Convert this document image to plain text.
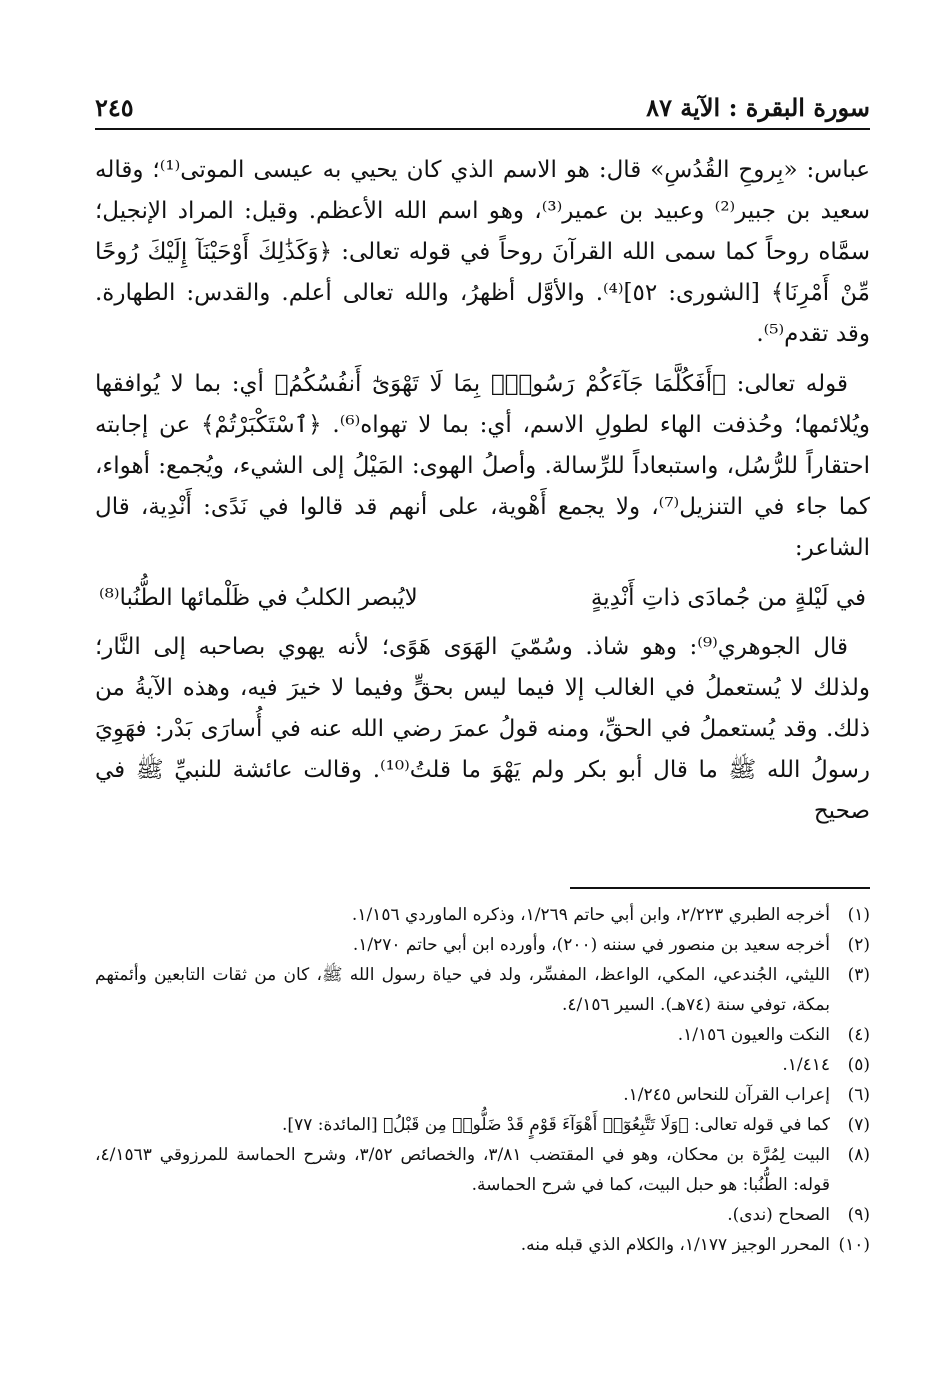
سورة البقرة : الآية ٨٧
٢٤٥

عباس: «بِروحِ القُدُسِ» قال: هو الاسم الذي كان يحيي به عيسى الموتى⁽¹⁾؛ وقاله سعيد بن جبير⁽²⁾ وعبيد بن عمير⁽³⁾، وهو اسم الله الأعظم. وقيل: المراد الإنجيل؛ سمَّاه روحاً كما سمى الله القرآنَ روحاً في قوله تعالى: ﴿وَكَذَٰلِكَ أَوْحَيْنَآ إِلَيْكَ رُوحًا مِّنْ أَمْرِنَا﴾ [الشورى: ٥٢]⁽⁴⁾. والأوَّل أظهرُ، والله تعالى أعلم. والقدس: الطهارة. وقد تقدم⁽⁵⁾.

قوله تعالى: ﴿أَفَكُلَّمَا جَآءَكُمْ رَسُولٌۢ بِمَا لَا تَهْوَىٰٓ أَنفُسُكُمُ﴾ أي: بما لا يُوافقها ويُلائمها؛ وحُذفت الهاء لطولِ الاسم، أي: بما لا تهواه⁽⁶⁾. ﴿ٱسْتَكْبَرْتُمْ﴾ عن إجابته احتقاراً للرُّسُل، واستبعاداً للرِّسالة. وأصلُ الهوى: المَيْلُ إلى الشيء، ويُجمع: أهواء، كما جاء في التنزيل⁽⁷⁾، ولا يجمع أَهْوية، على أنهم قد قالوا في نَدًى: أَنْدِية، قال الشاعر:

في لَيْلةٍ من جُمادَى ذاتِ أَنْدِيةٍ
لايُبصر الكلبُ في ظَلْمائها الطُّنُبا⁽⁸⁾

قال الجوهري⁽⁹⁾: وهو شاذ. وسُمّيَ الهَوَى هَوًى؛ لأنه يهوي بصاحبه إلى النَّار؛ ولذلك لا يُستعملُ في الغالب إلا فيما ليس بحقٍّ وفيما لا خيرَ فيه، وهذه الآيةُ من ذلك. وقد يُستعملُ في الحقِّ، ومنه قولُ عمرَ رضي الله عنه في أُسارَى بَدْر: فهَوِيَ رسولُ الله ﷺ ما قال أبو بكر ولم يَهْوَ ما قلتُ⁽¹⁰⁾. وقالت عائشة للنبيِّ ﷺ في صحيح

(١)
أخرجه الطبري ٢/٢٢٣، وابن أبي حاتم ١/٢٦٩، وذكره الماوردي ١/١٥٦.
(٢)
أخرجه سعيد بن منصور في سننه (٢٠٠)، وأورده ابن أبي حاتم ١/٢٧٠.
(٣)
الليثي، الجُندعي، المكي، الواعظ، المفسِّر، ولد في حياة رسول الله ﷺ، كان من ثقات التابعين وأئمتهم بمكة، توفي سنة (٧٤هـ). السير ٤/١٥٦.
(٤)
النكت والعيون ١/١٥٦.
(٥)
١/٤١٤.
(٦)
إعراب القرآن للنحاس ١/٢٤٥.
(٧)
كما في قوله تعالى: ﴿وَلَا تَتَّبِعُوٓا۟ أَهْوَآءَ قَوْمٍ قَدْ ضَلُّوا۟ مِن قَبْلُ﴾ [المائدة: ٧٧].
(٨)
البيت لِمُرَّة بن محكان، وهو في المقتضب ٣/٨١، والخصائص ٣/٥٢، وشرح الحماسة للمرزوقي ٤/١٥٦٣، قوله: الطُّنُبا: هو حبل البيت، كما في شرح الحماسة.
(٩)
الصحاح (ندى).
(١٠)
المحرر الوجيز ١/١٧٧، والكلام الذي قبله منه.
